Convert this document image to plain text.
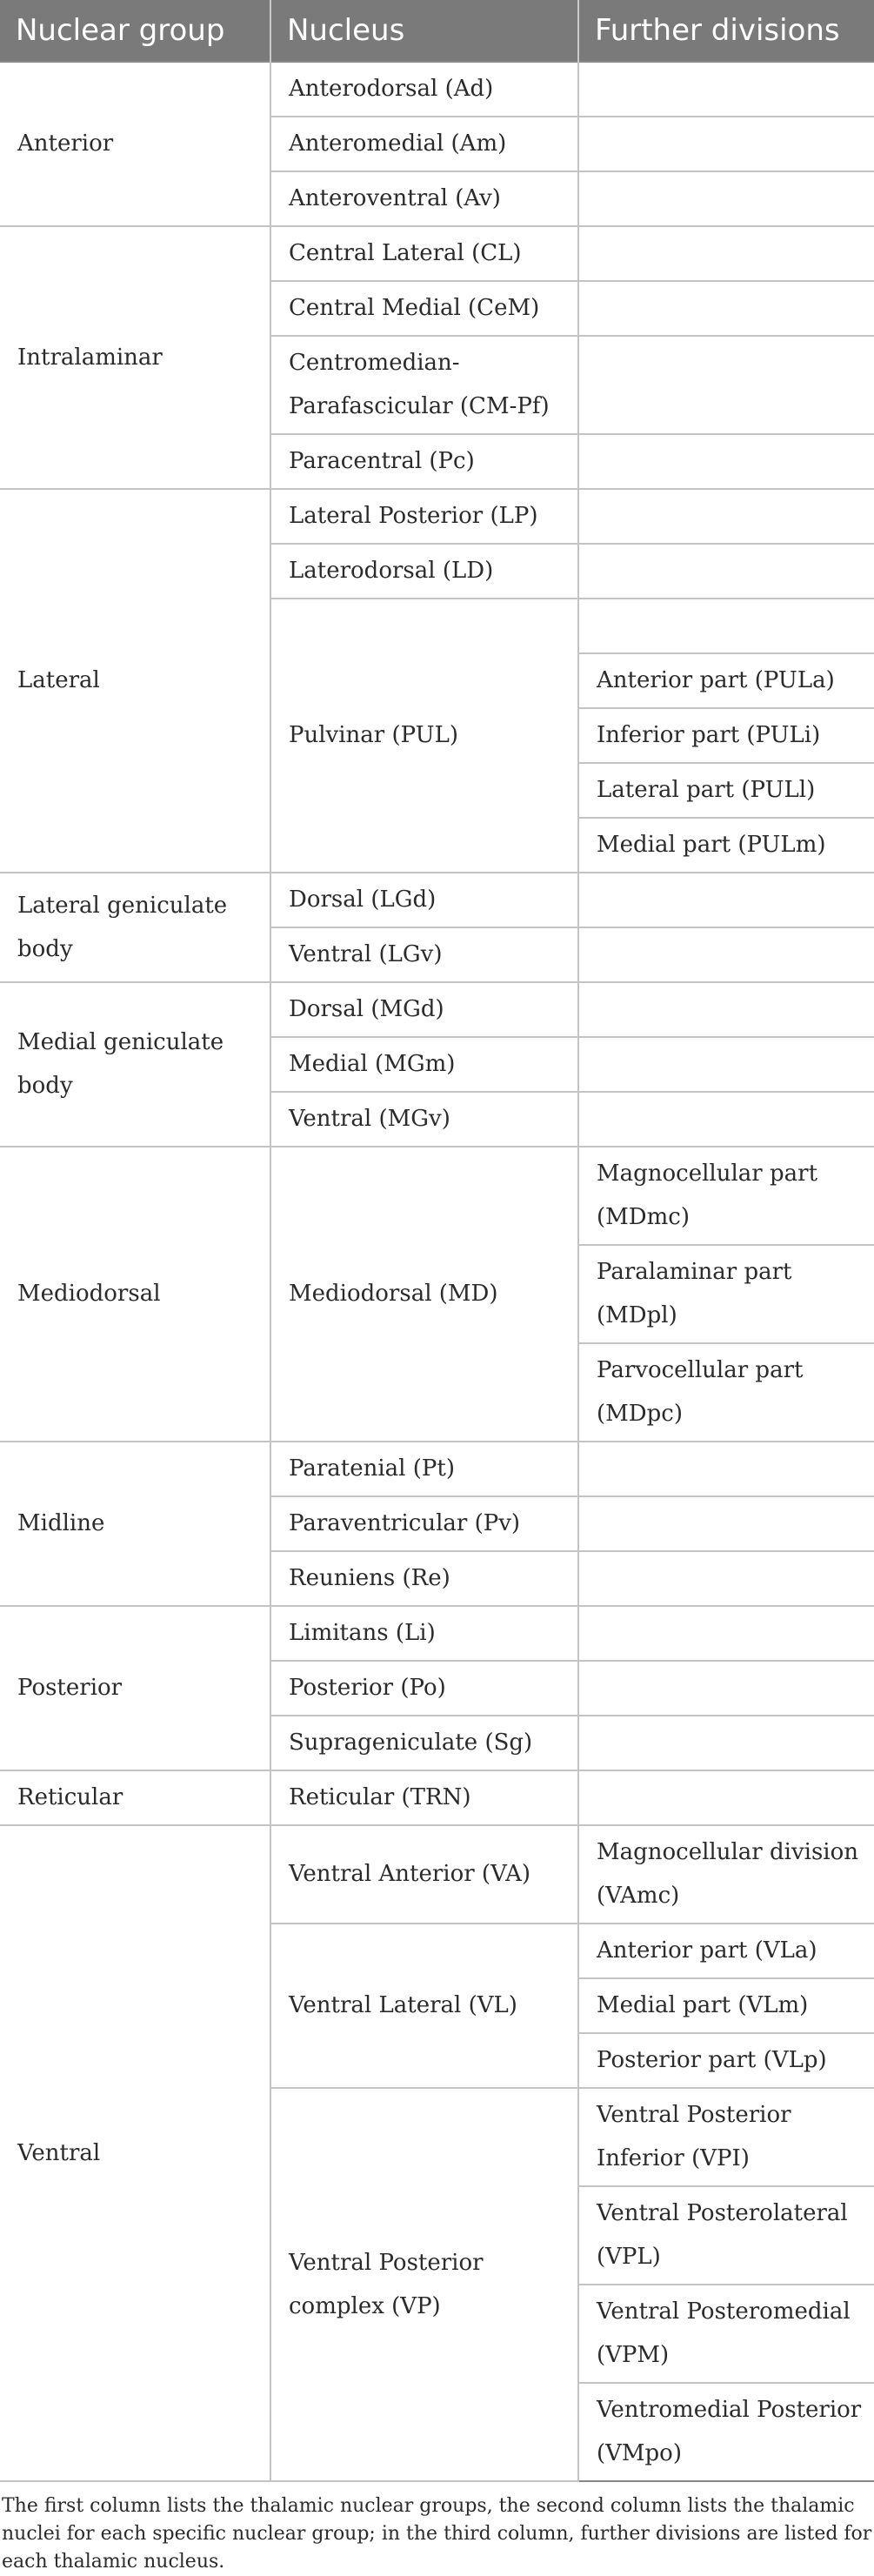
Nuclear group	Nucleus	Further divisions
Anterior	Anterodorsal (Ad)	
	Anteromedial (Am)	
	Anteroventral (Av)	
Intralaminar	Central Lateral (CL)	
	Central Medial (CeM)	
	Centromedian-Parafascicular (CM-Pf)	
	Paracentral (Pc)	
Lateral	Lateral Posterior (LP)	
	Laterodorsal (LD)	
	Pulvinar (PUL)	
		Anterior part (PULa)
		Inferior part (PULi)
		Lateral part (PULl)
		Medial part (PULm)
Lateral geniculate body	Dorsal (LGd)	
	Ventral (LGv)	
Medial geniculate body	Dorsal (MGd)	
	Medial (MGm)	
	Ventral (MGv)	
Mediodorsal	Mediodorsal (MD)	Magnocellular part (MDmc)
		Paralaminar part (MDpl)
		Parvocellular part (MDpc)
Midline	Paratenial (Pt)	
	Paraventricular (Pv)	
	Reuniens (Re)	
Posterior	Limitans (Li)	
	Posterior (Po)	
	Suprageniculate (Sg)	
Reticular	Reticular (TRN)	
Ventral	Ventral Anterior (VA)	Magnocellular division (VAmc)
	Ventral Lateral (VL)	Anterior part (VLa)
		Medial part (VLm)
		Posterior part (VLp)
	Ventral Posterior complex (VP)	Ventral Posterior Inferior (VPI)
		Ventral Posterolateral (VPL)
		Ventral Posteromedial (VPM)
		Ventromedial Posterior (VMpo)
The first column lists the thalamic nuclear groups, the second column lists the thalamic nuclei for each specific nuclear group; in the third column, further divisions are listed for each thalamic nucleus.
